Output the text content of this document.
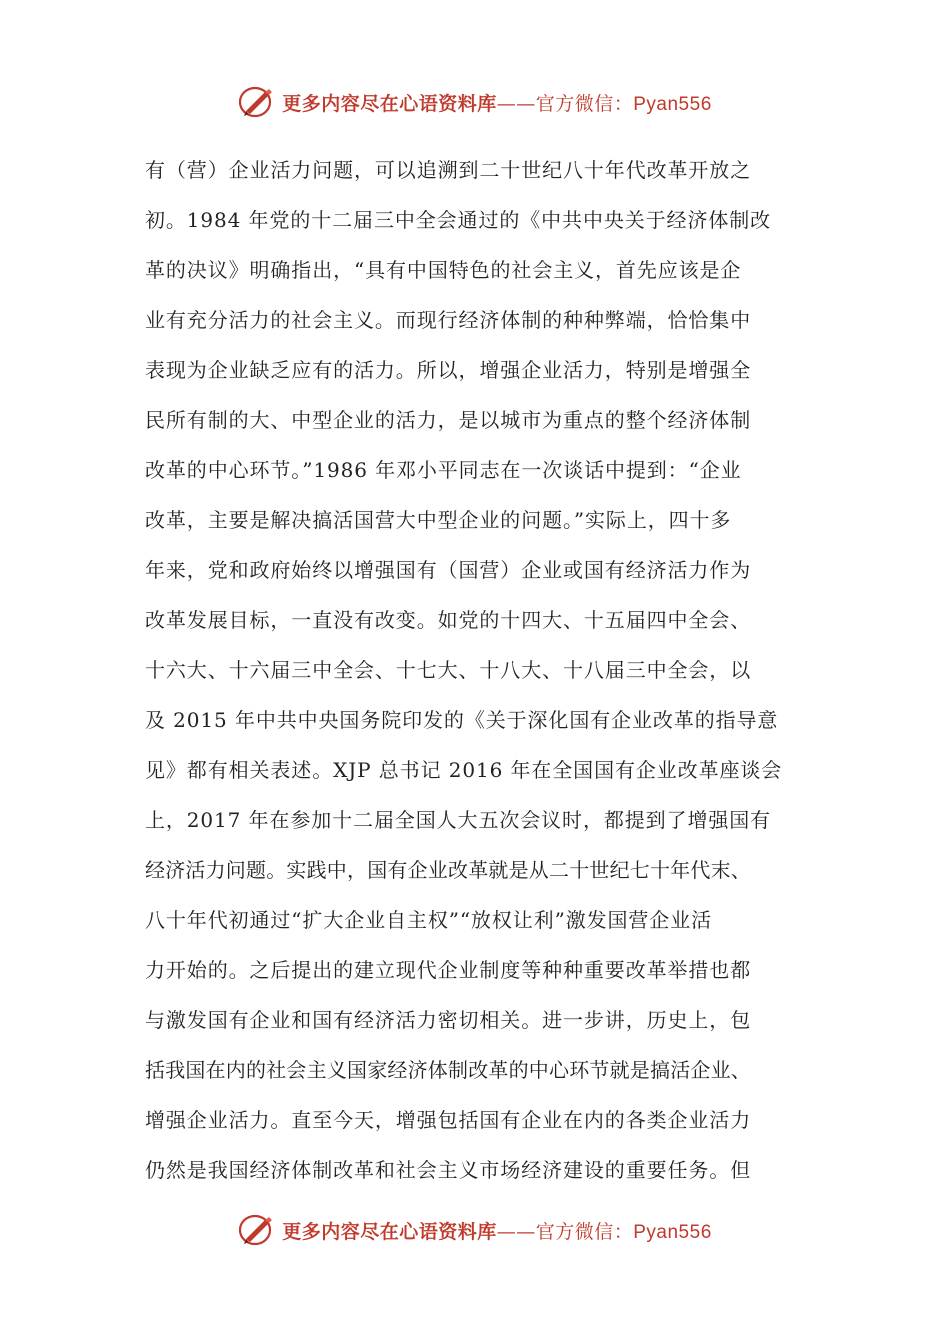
更多内容尽在心语资料库——官方微信：Pyan556
有（营）企业活力问题，可以追溯到二十世纪八十年代改革开放之
初。1984 年党的十二届三中全会通过的《中共中央关于经济体制改
革的决议》明确指出，“具有中国特色的社会主义，首先应该是企
业有充分活力的社会主义。而现行经济体制的种种弊端，恰恰集中
表现为企业缺乏应有的活力。所以，增强企业活力，特别是增强全
民所有制的大、中型企业的活力，是以城市为重点的整个经济体制
改革的中心环节。”1986 年邓小平同志在一次谈话中提到：“企业
改革，主要是解决搞活国营大中型企业的问题。”实际上，四十多
年来，党和政府始终以增强国有（国营）企业或国有经济活力作为
改革发展目标，一直没有改变。如党的十四大、十五届四中全会、
十六大、十六届三中全会、十七大、十八大、十八届三中全会，以
及 2015 年中共中央国务院印发的《关于深化国有企业改革的指导意
见》都有相关表述。XJP 总书记 2016 年在全国国有企业改革座谈会
上，2017 年在参加十二届全国人大五次会议时，都提到了增强国有
经济活力问题。实践中，国有企业改革就是从二十世纪七十年代末、
八十年代初通过“扩大企业自主权”“放权让利”激发国营企业活
力开始的。之后提出的建立现代企业制度等种种重要改革举措也都
与激发国有企业和国有经济活力密切相关。进一步讲，历史上，包
括我国在内的社会主义国家经济体制改革的中心环节就是搞活企业、
增强企业活力。直至今天，增强包括国有企业在内的各类企业活力
仍然是我国经济体制改革和社会主义市场经济建设的重要任务。但
更多内容尽在心语资料库——官方微信：Pyan556
